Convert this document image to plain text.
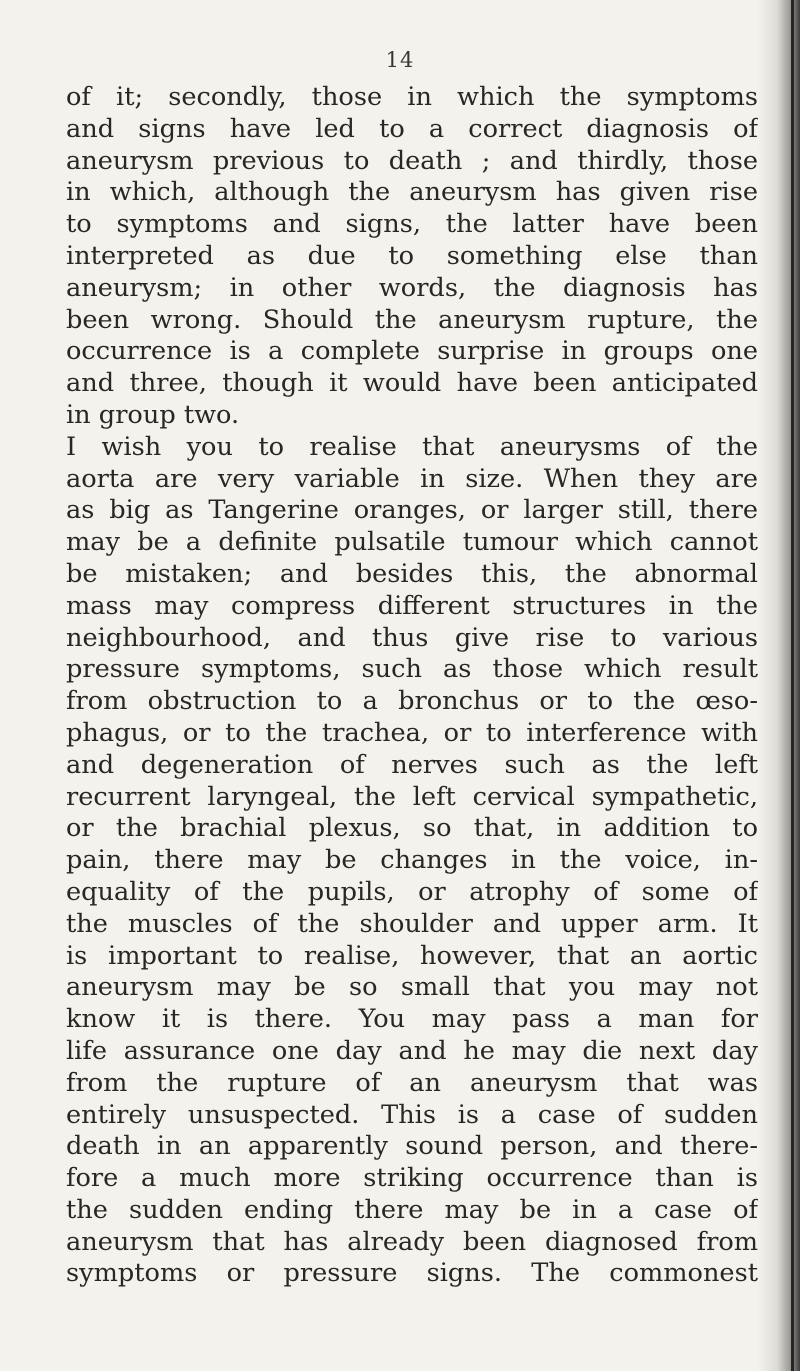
14
of it; secondly, those in which the symptoms
and signs have led to a correct diagnosis of
aneurysm previous to death ; and thirdly, those
in which, although the aneurysm has given rise
to symptoms and signs, the latter have been
interpreted as due to something else than
aneurysm; in other words, the diagnosis has
been wrong. Should the aneurysm rupture, the
occurrence is a complete surprise in groups one
and three, though it would have been anticipated
in group two.
I wish you to realise that aneurysms of the
aorta are very variable in size. When they are
as big as Tangerine oranges, or larger still, there
may be a definite pulsatile tumour which cannot
be mistaken; and besides this, the abnormal
mass may compress different structures in the
neighbourhood, and thus give rise to various
pressure symptoms, such as those which result
from obstruction to a bronchus or to the œso-
phagus, or to the trachea, or to interference with
and degeneration of nerves such as the left
recurrent laryngeal, the left cervical sympathetic,
or the brachial plexus, so that, in addition to
pain, there may be changes in the voice, in-
equality of the pupils, or atrophy of some of
the muscles of the shoulder and upper arm. It
is important to realise, however, that an aortic
aneurysm may be so small that you may not
know it is there. You may pass a man for
life assurance one day and he may die next day
from the rupture of an aneurysm that was
entirely unsuspected. This is a case of sudden
death in an apparently sound person, and there-
fore a much more striking occurrence than is
the sudden ending there may be in a case of
aneurysm that has already been diagnosed from
symptoms or pressure signs. The commonest
